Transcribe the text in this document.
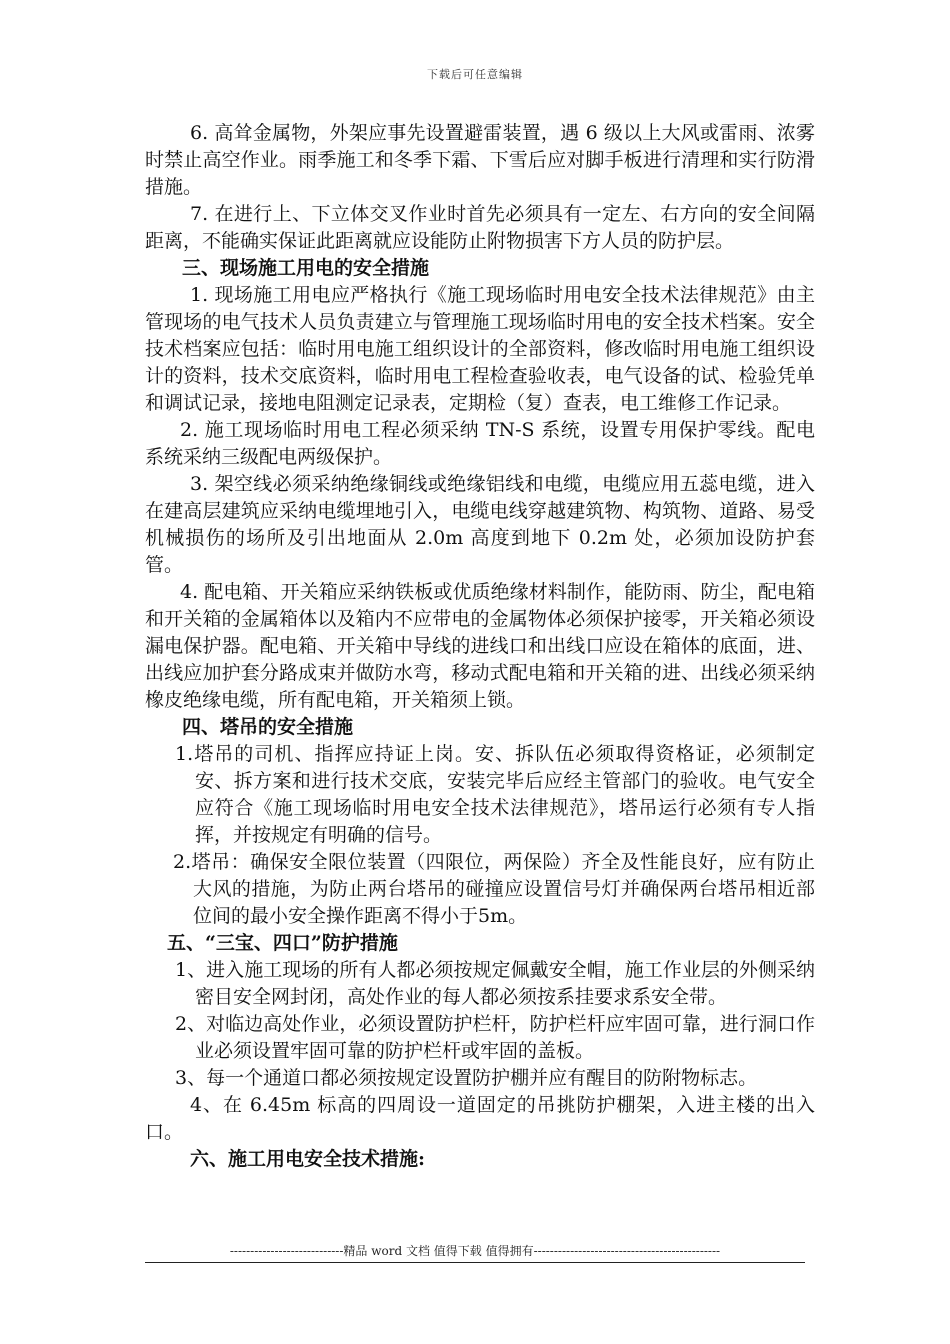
下载后可任意编辑

6. 高耸金属物，外架应事先设置避雷装置，遇 6 级以上大风或雷雨、浓雾时禁止高空作业。雨季施工和冬季下霜、下雪后应对脚手板进行清理和实行防滑措施。

7. 在进行上、下立体交叉作业时首先必须具有一定左、右方向的安全间隔距离，不能确实保证此距离就应设能防止附物损害下方人员的防护层。

三、现场施工用电的安全措施

1. 现场施工用电应严格执行《施工现场临时用电安全技术法律规范》由主管现场的电气技术人员负责建立与管理施工现场临时用电的安全技术档案。安全技术档案应包括：临时用电施工组织设计的全部资料，修改临时用电施工组织设计的资料，技术交底资料，临时用电工程检查验收表，电气设备的试、检验凭单和调试记录，接地电阻测定记录表，定期检（复）查表，电工维修工作记录。

2. 施工现场临时用电工程必须采纳 TN-S 系统，设置专用保护零线。配电系统采纳三级配电两级保护。

3. 架空线必须采纳绝缘铜线或绝缘铝线和电缆，电缆应用五蕊电缆，进入在建高层建筑应采纳电缆埋地引入，电缆电线穿越建筑物、构筑物、道路、易受机械损伤的场所及引出地面从 2.0m 高度到地下 0.2m 处，必须加设防护套管。

4. 配电箱、开关箱应采纳铁板或优质绝缘材料制作，能防雨、防尘，配电箱和开关箱的金属箱体以及箱内不应带电的金属物体必须保护接零，开关箱必须设漏电保护器。配电箱、开关箱中导线的进线口和出线口应设在箱体的底面，进、出线应加护套分路成束并做防水弯，移动式配电箱和开关箱的进、出线必须采纳橡皮绝缘电缆，所有配电箱，开关箱须上锁。

四、塔吊的安全措施

1.塔吊的司机、指挥应持证上岗。安、拆队伍必须取得资格证，必须制定安、拆方案和进行技术交底，安装完毕后应经主管部门的验收。电气安全应符合《施工现场临时用电安全技术法律规范》，塔吊运行必须有专人指挥，并按规定有明确的信号。

2.塔吊：确保安全限位装置（四限位，两保险）齐全及性能良好，应有防止大风的措施，为防止两台塔吊的碰撞应设置信号灯并确保两台塔吊相近部位间的最小安全操作距离不得小于5m。

五、“三宝、四口”防护措施

1、进入施工现场的所有人都必须按规定佩戴安全帽，施工作业层的外侧采纳密目安全网封闭，高处作业的每人都必须按系挂要求系安全带。

2、对临边高处作业，必须设置防护栏杆，防护栏杆应牢固可靠，进行洞口作业必须设置牢固可靠的防护栏杆或牢固的盖板。

3、每一个通道口都必须按规定设置防护棚并应有醒目的防附物标志。

4、在 6.45m 标高的四周设一道固定的吊挑防护棚架，入进主楼的出入口。

六、施工用电安全技术措施:

----------------------------精品 word 文档 值得下载 值得拥有----------------------------------------------
